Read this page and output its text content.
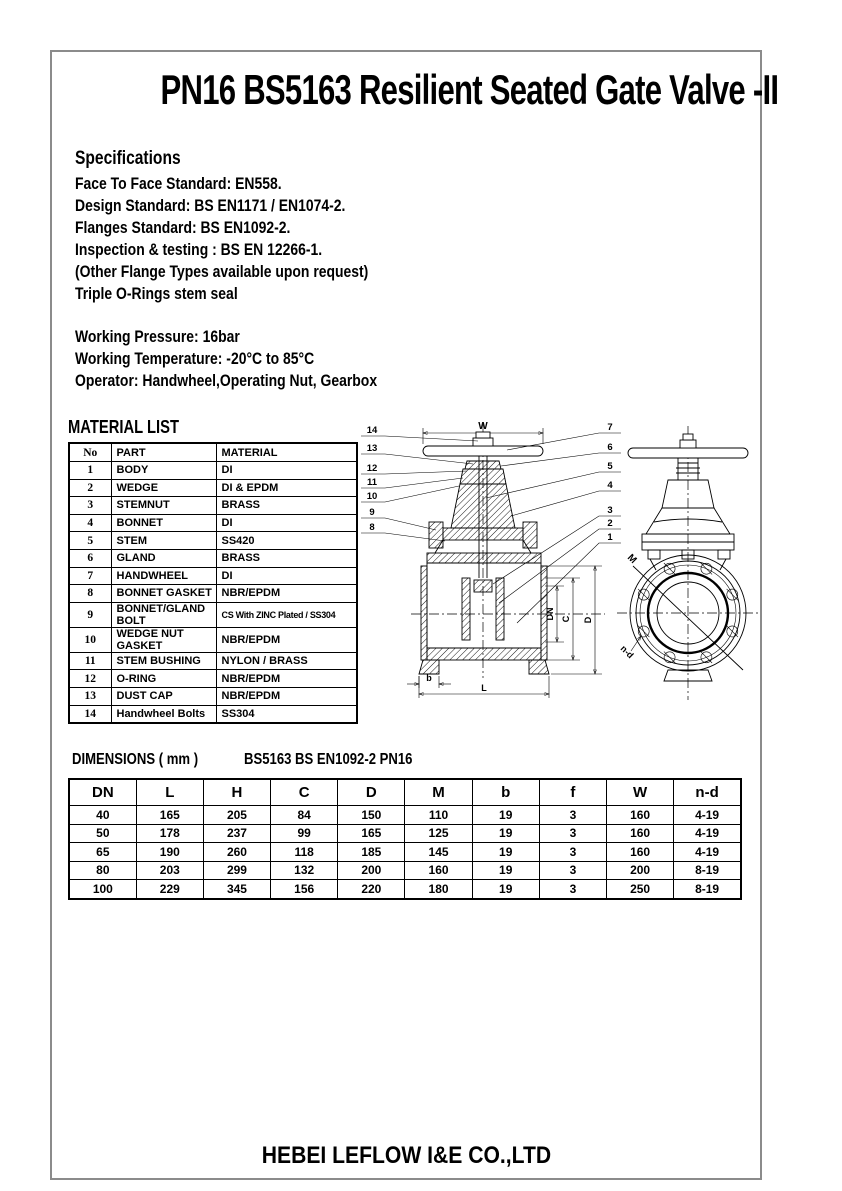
PN16 BS5163 Resilient Seated Gate Valve -II
Specifications
Face To Face Standard: EN558.
Design Standard: BS EN1171 / EN1074-2.
Flanges Standard: BS EN1092-2.
Inspection & testing : BS EN 12266-1.
(Other Flange Types available upon request)
Triple O-Rings stem seal
Working Pressure: 16bar
Working Temperature: -20°C to 85°C
Operator: Handwheel,Operating Nut, Gearbox
MATERIAL LIST
No	PART	MATERIAL
1	BODY	DI
2	WEDGE	DI & EPDM
3	STEMNUT	BRASS
4	BONNET	DI
5	STEM	SS420
6	GLAND	BRASS
7	HANDWHEEL	DI
8	BONNET GASKET	NBR/EPDM
9	BONNET/GLAND BOLT	CS With ZINC Plated / SS304
10	WEDGE NUT GASKET	NBR/EPDM
11	STEM BUSHING	NYLON / BRASS
12	O-RING	NBR/EPDM
13	DUST CAP	NBR/EPDM
14	Handwheel Bolts	SS304
W
DN C D
b
L
14
13
12
11
10
9
8
7
6
5
4
3
2
1
M
n-d
DIMENSIONS ( mm )	BS5163 BS EN1092-2 PN16
DN	L	H	C	D	M	b	f	W	n-d
40	165	205	84	150	110	19	3	160	4-19
50	178	237	99	165	125	19	3	160	4-19
65	190	260	118	185	145	19	3	160	4-19
80	203	299	132	200	160	19	3	200	8-19
100	229	345	156	220	180	19	3	250	8-19
HEBEI LEFLOW I&E CO.,LTD
